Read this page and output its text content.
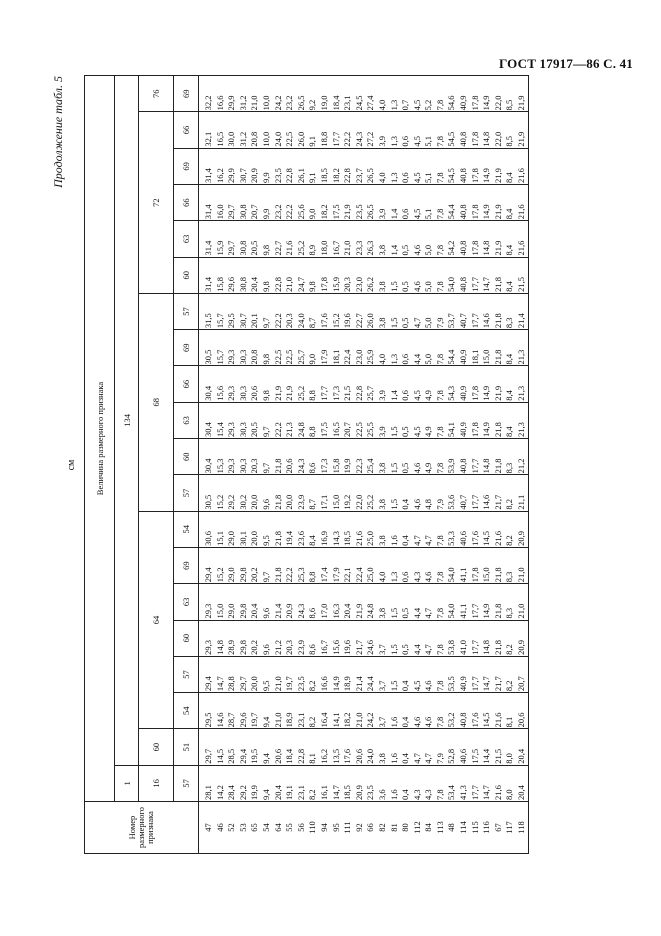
ГОСТ 17917—86 С. 41
Продолжение табл. 5
см
Номер размерного признака	Величина размерного признака																			
	1	134																		
	16	60	64						68						72					76
	57	51	54	57	60	63	69	54	57	60	63	66	69	57	60	63	66	69	66	69
47	28,1	29,7	29,5	29,4	29,3	29,3	29,4	30,6	30,5	30,4	30,4	30,4	30,5	31,5	31,4	31,4	31,4	31,4	32,1	32,2
46	14,2	14,5	14,6	14,7	14,8	15,0	15,2	15,1	15,2	15,3	15,4	15,6	15,7	15,7	15,8	15,9	16,0	16,2	16,5	16,6
52	28,4	28,5	28,7	28,8	28,9	29,0	29,0	29,0	29,2	29,3	29,3	29,3	29,3	29,5	29,6	29,7	29,7	29,9	30,0	29,9
53	29,2	29,4	29,6	29,7	29,8	29,8	29,8	30,1	30,2	30,3	30,3	30,3	30,3	30,7	30,8	30,8	30,8	30,7	31,2	31,2
65	19,9	19,5	19,7	20,0	20,2	20,4	20,2	20,0	20,0	20,3	20,5	20,6	20,8	20,1	20,4	20,5	20,7	20,9	20,8	21,0
54	9,4	9,4	9,4	9,5	9,6	9,6	9,7	9,5	9,6	9,7	9,7	9,8	9,8	9,7	9,8	9,8	9,9	9,9	10,0	10,0
64	20,4	20,6	21,0	21,0	21,2	21,4	21,8	21,8	21,8	21,8	22,2	21,9	22,5	22,2	22,8	22,7	23,2	23,5	24,0	24,2
55	19,1	18,4	18,9	19,7	20,3	20,9	22,2	19,4	20,0	20,6	21,3	21,9	22,5	20,3	21,0	21,6	22,2	22,8	22,5	23,2
56	23,1	22,8	23,1	23,5	23,9	24,3	25,3	23,6	23,9	24,3	24,8	25,2	25,7	24,0	24,7	25,2	25,6	26,1	26,0	26,5
110	8,2	8,1	8,2	8,2	8,6	8,6	8,8	8,4	8,7	8,6	8,8	8,8	9,0	8,7	9,8	8,9	9,0	9,1	9,1	9,2
94	16,1	16,2	16,4	16,6	16,7	17,0	17,4	16,9	17,1	17,3	17,5	17,7	17,9	17,6	17,8	18,0	18,2	18,5	18,8	19,0
95	14,7	13,5	14,1	14,9	15,6	16,3	17,9	14,3	15,0	15,8	16,5	17,3	18,1	15,2	15,9	16,7	17,5	18,2	17,7	18,4
111	18,5	17,6	18,2	18,9	19,6	20,4	22,1	18,5	19,2	19,9	20,7	21,5	22,4	19,6	20,3	21,0	21,9	22,8	22,2	23,1
92	20,9	20,6	21,0	21,4	21,7	21,9	22,4	21,6	22,0	22,3	22,5	22,8	23,0	22,7	23,0	23,3	23,5	23,7	24,3	24,5
66	23,5	24,0	24,2	24,4	24,6	24,8	25,0	25,0	25,2	25,4	25,5	25,7	25,9	26,0	26,2	26,3	26,5	26,5	27,2	27,4
82	3,6	3,8	3,7	3,7	3,7	3,8	4,0	3,8	3,8	3,8	3,9	3,9	4,0	3,8	3,8	3,8	3,9	4,0	3,9	4,0
81	1,6	1,6	1,6	1,5	1,5	1,5	1,3	1,6	1,5	1,5	1,5	1,4	1,3	1,5	1,5	1,4	1,4	1,3	1,3	1,3
80	0,4	0,4	0,4	0,4	0,5	0,5	0,6	0,4	0,4	0,5	0,5	0,6	0,6	0,5	0,5	0,5	0,6	0,6	0,6	0,7
112	4,3	4,7	4,6	4,5	4,4	4,4	4,3	4,7	4,6	4,6	4,5	4,5	4,4	4,7	4,6	4,6	4,5	4,5	4,5	4,5
84	4,3	4,7	4,6	4,6	4,7	4,7	4,6	4,7	4,8	4,9	4,9	4,9	5,0	5,0	5,0	5,0	5,1	5,1	5,1	5,2
113	7,8	7,9	7,8	7,8	7,8	7,8	7,8	7,8	7,9	7,8	7,8	7,8	7,8	7,9	7,8	7,8	7,8	7,8	7,8	7,8
48	53,4	52,8	53,2	53,5	53,8	54,0	54,0	53,3	53,6	53,9	54,1	54,3	54,4	53,7	54,0	54,2	54,4	54,5	54,5	54,6
114	41,3	40,6	40,8	40,9	41,0	41,1	41,1	40,6	40,7	40,8	40,9	40,9	40,9	40,7	40,8	40,8	40,8	40,8	40,8	40,9
115	17,7	17,5	17,6	17,7	17,7	17,7	17,8	17,6	17,7	17,7	17,8	17,8	18,1	17,7	17,7	17,8	17,8	17,8	17,8	17,8
116	14,7	14,4	14,5	14,7	14,8	14,9	15,0	14,5	14,6	14,8	14,9	14,9	15,0	14,6	14,7	14,8	14,9	14,9	14,8	14,9
67	21,6	21,5	21,6	21,7	21,8	21,8	21,8	21,6	21,7	21,8	21,8	21,9	21,8	21,8	21,8	21,9	21,9	21,9	22,0	22,0
117	8,0	8,0	8,1	8,2	8,2	8,3	8,3	8,2	8,2	8,3	8,4	8,4	8,4	8,3	8,4	8,4	8,4	8,4	8,5	8,5
118	20,4	20,4	20,6	20,7	20,9	21,0	21,0	20,9	21,1	21,2	21,3	21,3	21,3	21,4	21,5	21,6	21,6	21,6	21,9	21,9
